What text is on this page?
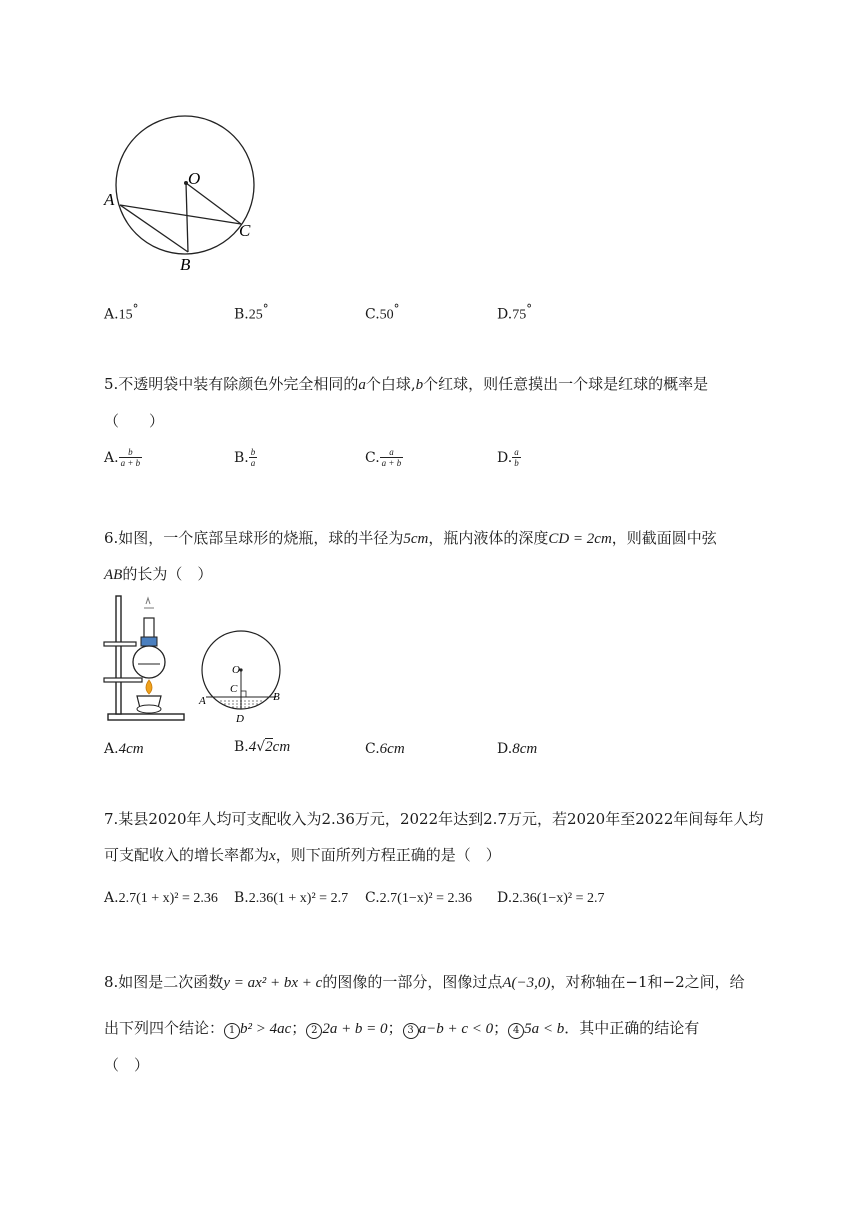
O
A
B
C
A.15°	B.25°	C.50°	D.75°
5.不透明袋中装有除颜色外完全相同的a个白球,b个红球，则任意摸出一个球是红球的概率是
（　　）
A. $\frac{b}{a + b}$	B. $\frac{b}{a}$	C. $\frac{a}{a + b}$	D. $\frac{a}{b}$
6.如图，一个底部呈球形的烧瓶，球的半径为5cm，瓶内液体的深度CD = 2cm，则截面圆中弦
AB的长为（　）
O
C
A	B
D
A.4cm	B.4√2cm	C.6cm	D.8cm
7.某县2020年人均可支配收入为2.36万元，2022年达到2.7万元，若2020年至2022年间每年人均
可支配收入的增长率都为x，则下面所列方程正确的是（　）
A.2.7(1 + x)² = 2.36 B.2.36(1 + x)² = 2.7 C.2.7(1−x)² = 2.36 D.2.36(1−x)² = 2.7
8.如图是二次函数y = ax² + bx + c的图像的一部分，图像过点A(−3,0)，对称轴在−1和−2之间，给
出下列四个结论： 1 b² > 4ac； 2 2a + b = 0； 3 a−b + c < 0； 4 5a < b．其中正确的结论有
（　）
